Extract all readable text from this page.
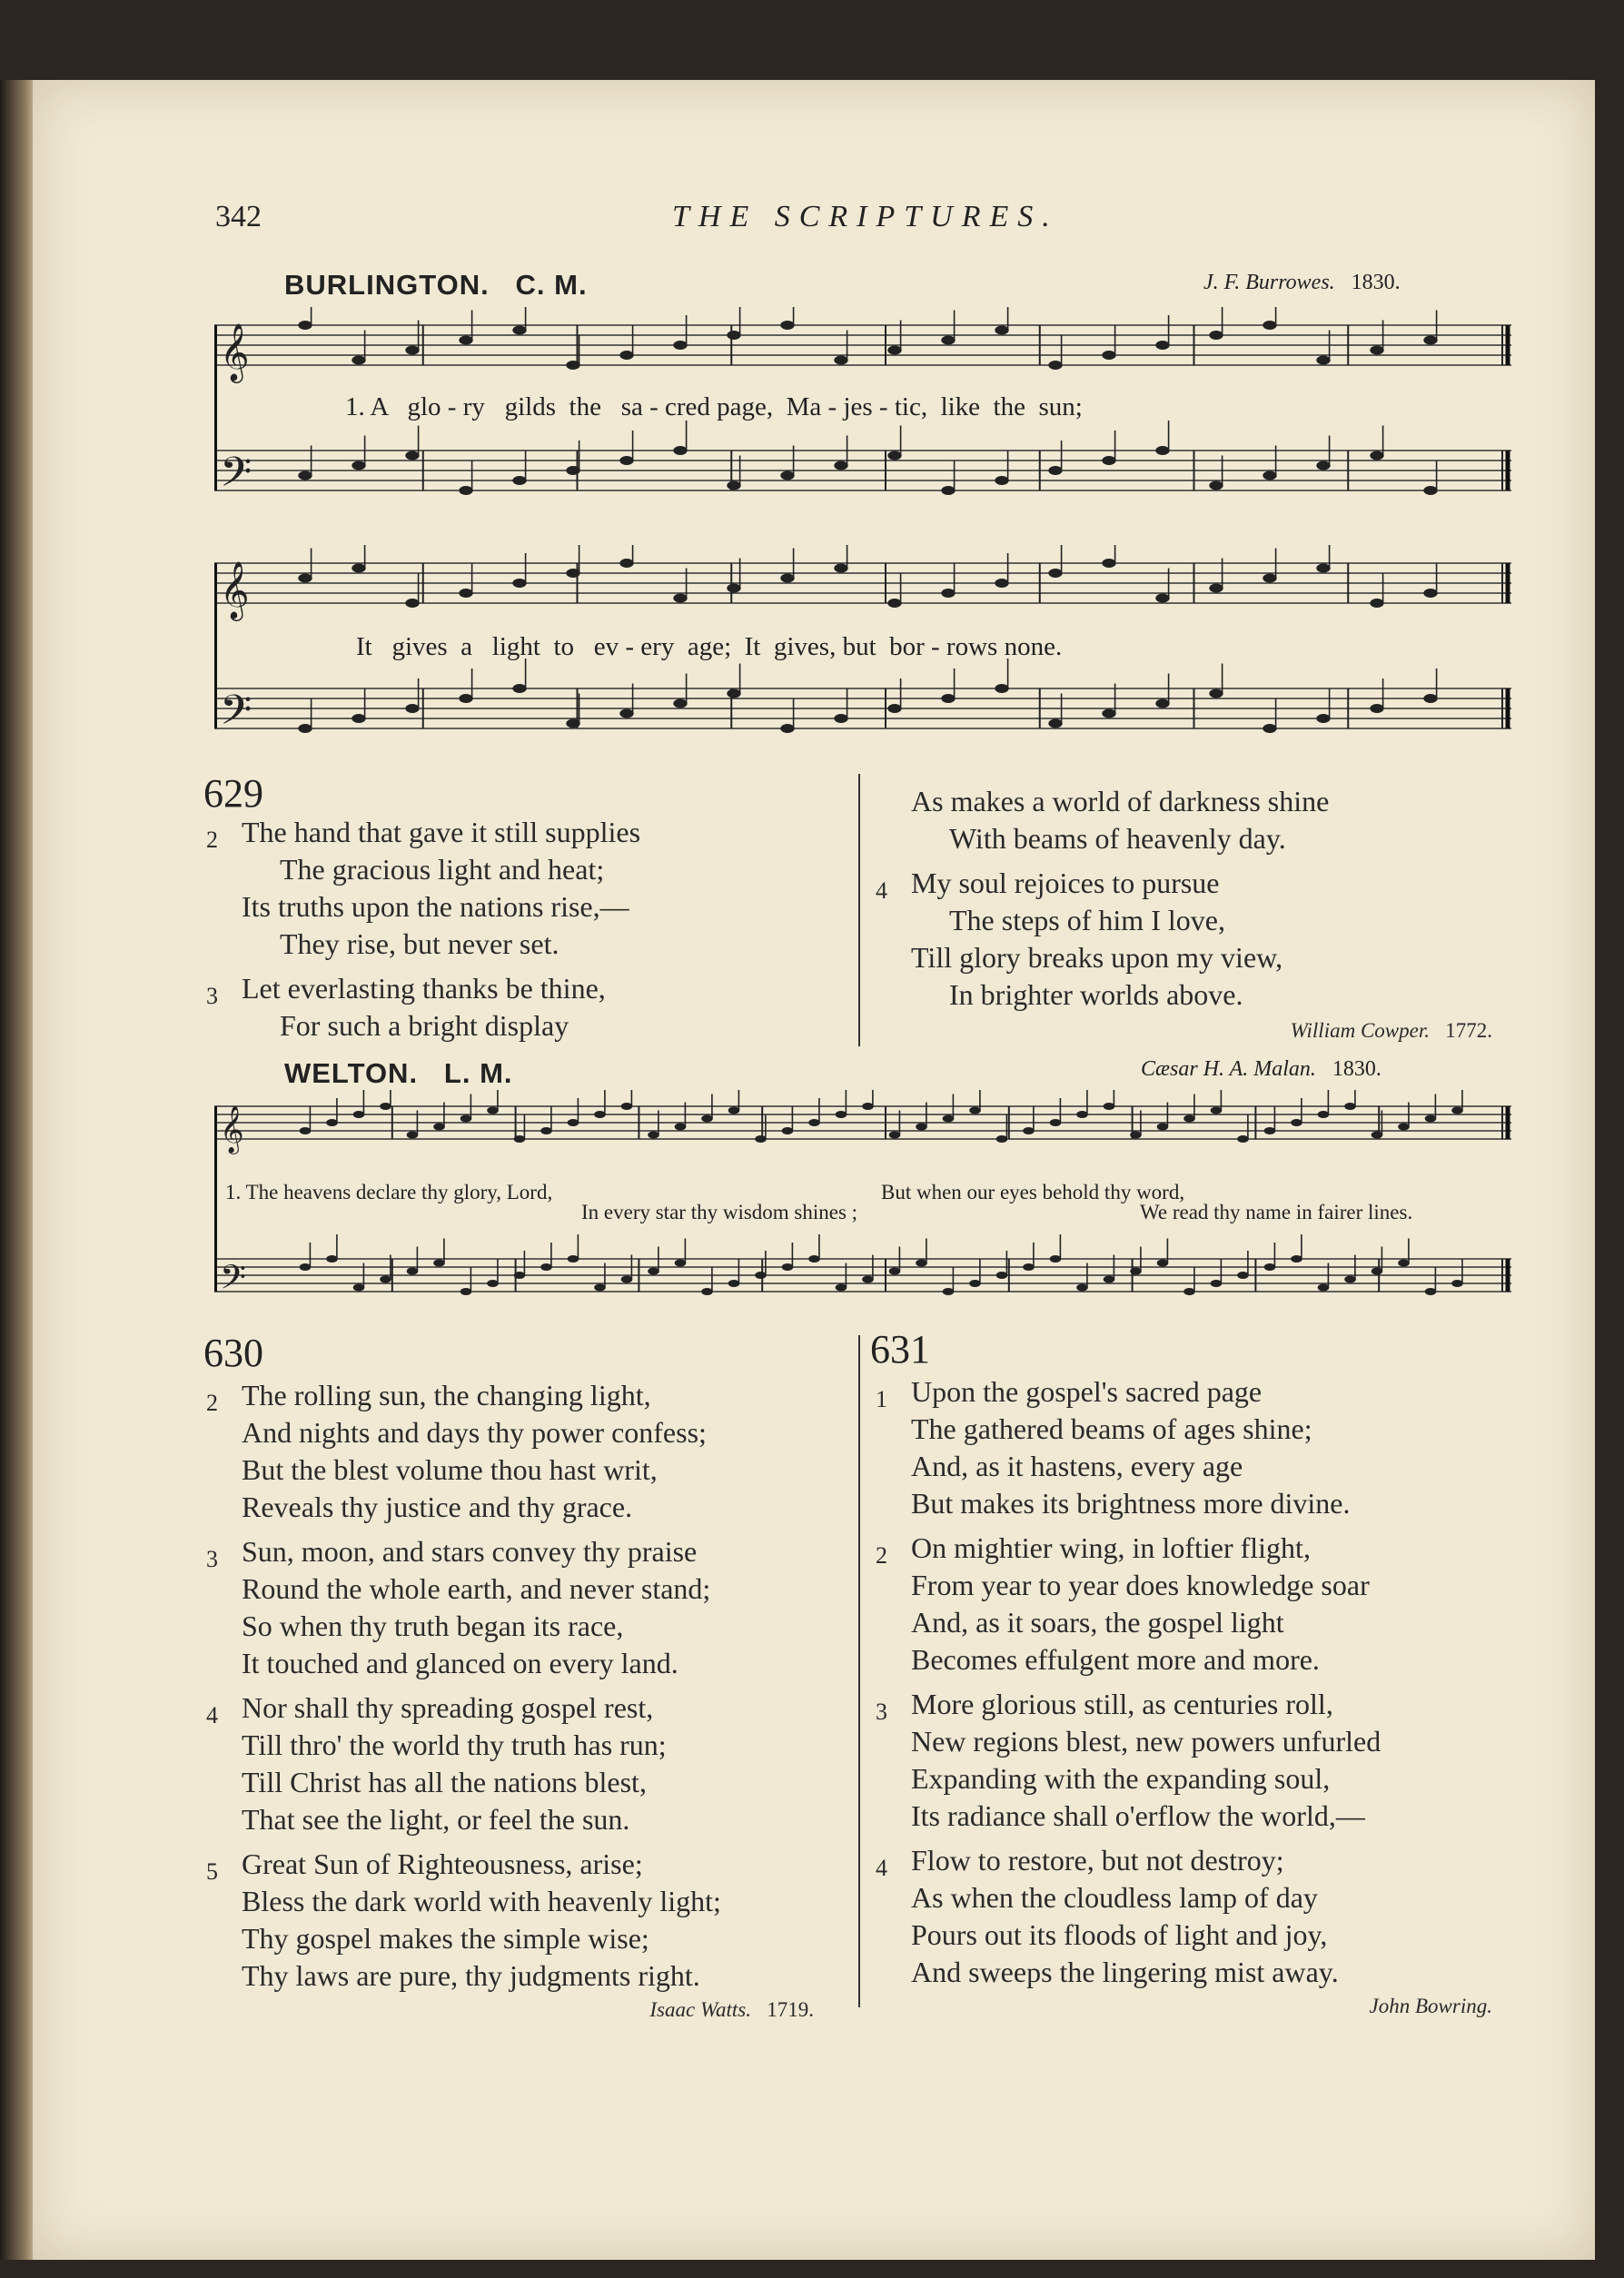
342	THE SCRIPTURES.
BURLINGTON. C. M.	J. F. Burrowes. 1830.
𝄞
𝄢
1. A   glo - ry   gilds  the   sa - cred page,  Ma - jes - tic,  like  the  sun;
𝄞
𝄢
It   gives  a   light  to   ev - ery  age;  It  gives, but  bor - rows none.
629
2 The hand that gave it still supplies
The gracious light and heat;
Its truths upon the nations rise,—
They rise, but never set.
3 Let everlasting thanks be thine,
For such a bright display
As makes a world of darkness shine
With beams of heavenly day.
4 My soul rejoices to pursue
The steps of him I love,
Till glory breaks upon my view,
In brighter worlds above.
William Cowper. 1772.
WELTON. L. M.	Cæsar H. A. Malan. 1830.
𝄞
𝄢
1. The heavens declare thy glory, Lord,
In every star thy wisdom shines ;
But when our eyes behold thy word,
We read thy name in fairer lines.
630
2 The rolling sun, the changing light,
And nights and days thy power confess;
But the blest volume thou hast writ,
Reveals thy justice and thy grace.
3 Sun, moon, and stars convey thy praise
Round the whole earth, and never stand;
So when thy truth began its race,
It touched and glanced on every land.
4 Nor shall thy spreading gospel rest,
Till thro' the world thy truth has run;
Till Christ has all the nations blest,
That see the light, or feel the sun.
5 Great Sun of Righteousness, arise;
Bless the dark world with heavenly light;
Thy gospel makes the simple wise;
Thy laws are pure, thy judgments right.
Isaac Watts. 1719.
631
1 Upon the gospel's sacred page
The gathered beams of ages shine;
And, as it hastens, every age
But makes its brightness more divine.
2 On mightier wing, in loftier flight,
From year to year does knowledge soar
And, as it soars, the gospel light
Becomes effulgent more and more.
3 More glorious still, as centuries roll,
New regions blest, new powers unfurled
Expanding with the expanding soul,
Its radiance shall o'erflow the world,—
4 Flow to restore, but not destroy;
As when the cloudless lamp of day
Pours out its floods of light and joy,
And sweeps the lingering mist away.
John Bowring.
